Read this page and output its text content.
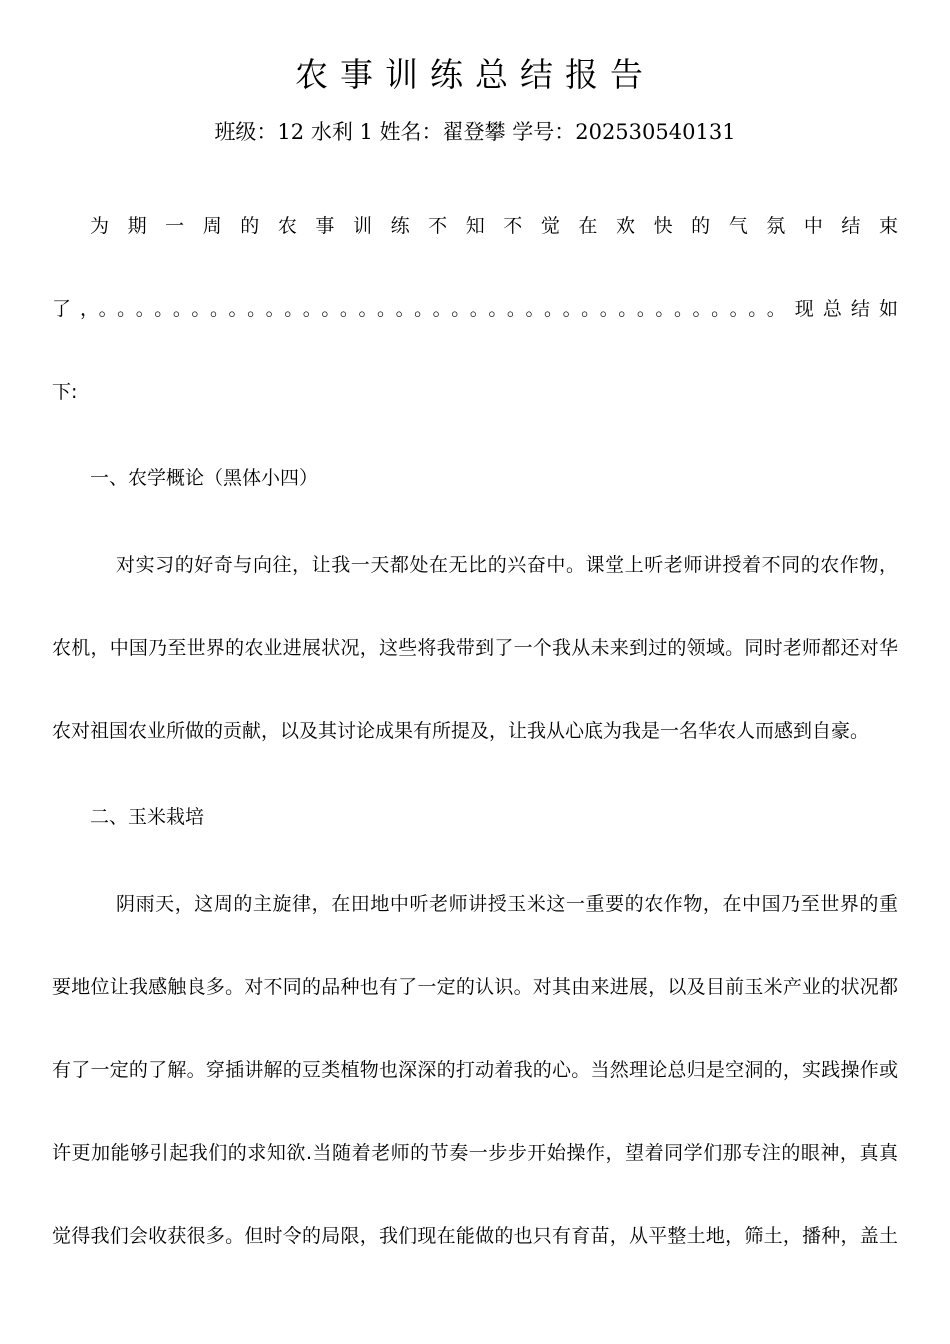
农事训练总结报告
班级：12 水利 1 姓名：翟登攀 学号：202530540131
为 期 一 周 的 农 事 训 练 不 知 不 觉 在 欢 快 的 气 氛 中 结 束
了，。。。。。。。。。。。。。。。。。。。。。。。。。。。。。。。。。。。。。现总结如
下:
一、农学概论（黑体小四）
对实习的好奇与向往，让我一天都处在无比的兴奋中。课堂上听老师讲授着不同的农作物，
农机，中国乃至世界的农业进展状况，这些将我带到了一个我从未来到过的领域。同时老师都还对华
农对祖国农业所做的贡献，以及其讨论成果有所提及，让我从心底为我是一名华农人而感到自豪。
二、玉米栽培
阴雨天，这周的主旋律，在田地中听老师讲授玉米这一重要的农作物，在中国乃至世界的重
要地位让我感触良多。对不同的品种也有了一定的认识。对其由来进展，以及目前玉米产业的状况都
有了一定的了解。穿插讲解的豆类植物也深深的打动着我的心。当然理论总归是空洞的，实践操作或
许更加能够引起我们的求知欲.当随着老师的节奏一步步开始操作，望着同学们那专注的眼神，真真
觉得我们会收获很多。但时令的局限，我们现在能做的也只有育苗，从平整土地，筛土，播种，盖土
